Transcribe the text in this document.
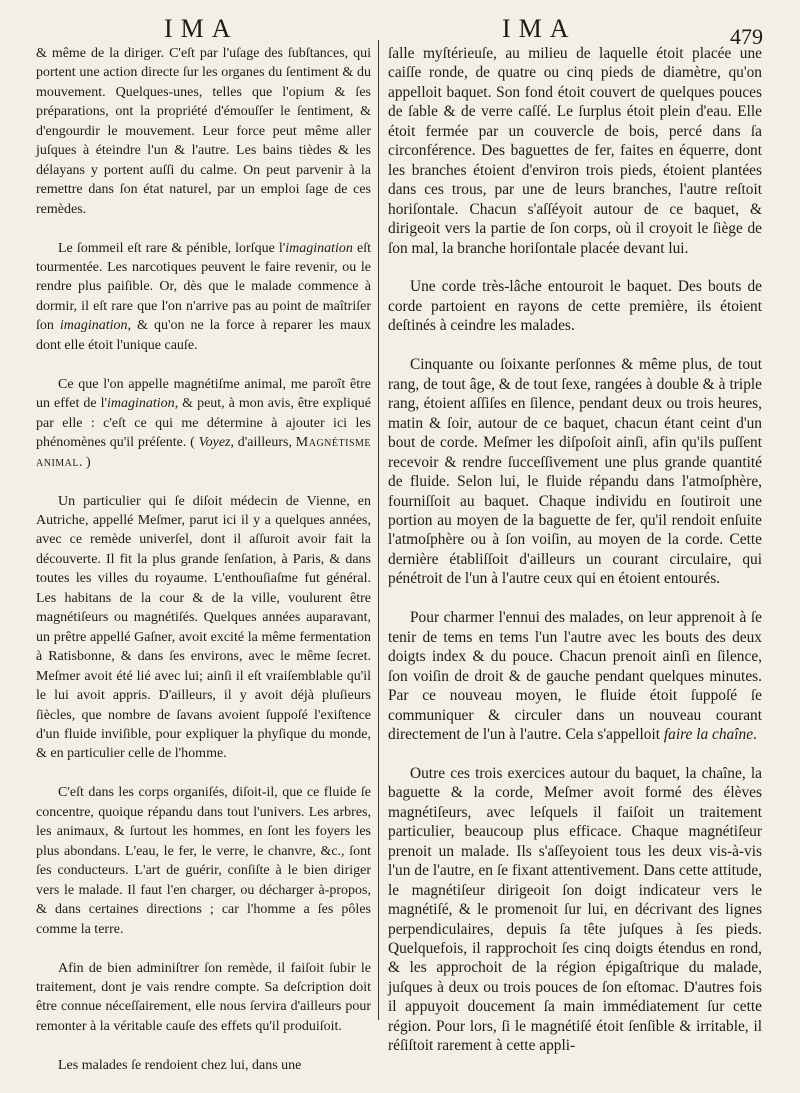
IMA	IMA	479

& même de la diriger. C'eſt par l'uſage des ſubſtances, qui portent une action directe ſur les organes du ſentiment & du mouvement. Quelques-unes, telles que l'opium & ſes préparations, ont la propriété d'émouſſer le ſentiment, & d'engourdir le mouvement. Leur force peut même aller juſques à éteindre l'un & l'autre. Les bains tièdes & les délayans y portent auſſi du calme. On peut parvenir à la remettre dans ſon état naturel, par un emploi ſage de ces remèdes.

Le ſommeil eſt rare & pénible, lorſque l'imagination eſt tourmentée. Les narcotiques peuvent le faire revenir, ou le rendre plus paiſible. Or, dès que le malade commence à dormir, il eſt rare que l'on n'arrive pas au point de maîtriſer ſon imagination, & qu'on ne la force à reparer les maux dont elle étoit l'unique cauſe.

Ce que l'on appelle magnétiſme animal, me paroît être un effet de l'imagination, & peut, à mon avis, être expliqué par elle : c'eſt ce qui me détermine à ajouter ici les phénomènes qu'il préſente. ( Voyez, d'ailleurs, Magnétisme animal. )

Un particulier qui ſe diſoit médecin de Vienne, en Autriche, appellé Meſmer, parut ici il y a quelques années, avec ce remède univerſel, dont il aſſuroit avoir fait la découverte. Il fit la plus grande ſenſation, à Paris, & dans toutes les villes du royaume. L'enthouſiaſme fut général. Les habitans de la cour & de la ville, voulurent être magnétiſeurs ou magnétiſés. Quelques années auparavant, un prêtre appellé Gaſner, avoit excité la même fermentation à Ratisbonne, & dans ſes environs, avec le même ſecret. Meſmer avoit été lié avec lui; ainſi il eſt vraiſemblable qu'il le lui avoit appris. D'ailleurs, il y avoit déjà pluſieurs ſiècles, que nombre de ſavans avoient ſuppoſé l'exiſtence d'un fluide inviſible, pour expliquer la phyſique du monde, & en particulier celle de l'homme.

C'eſt dans les corps organiſés, diſoit-il, que ce fluide ſe concentre, quoique répandu dans tout l'univers. Les arbres, les animaux, & ſurtout les hommes, en ſont les foyers les plus abondans. L'eau, le fer, le verre, le chanvre, &c., ſont ſes conducteurs. L'art de guérir, conſiſte à le bien diriger vers le malade. Il faut l'en charger, ou décharger à-propos, & dans certaines directions ; car l'homme a ſes pôles comme la terre.

Afin de bien adminiſtrer ſon remède, il faiſoit ſubir le traitement, dont je vais rendre compte. Sa deſcription doit être connue néceſſairement, elle nous ſervira d'ailleurs pour remonter à la véritable cauſe des effets qu'il produiſoit.

Les malades ſe rendoient chez lui, dans une

ſalle myſtérieuſe, au milieu de laquelle étoit placée une caiſſe ronde, de quatre ou cinq pieds de diamètre, qu'on appelloit baquet. Son fond étoit couvert de quelques pouces de ſable & de verre caſſé. Le ſurplus étoit plein d'eau. Elle étoit fermée par un couvercle de bois, percé dans ſa circonférence. Des baguettes de fer, faites en équerre, dont les branches étoient d'environ trois pieds, étoient plantées dans ces trous, par une de leurs branches, l'autre reſtoit horiſontale. Chacun s'aſſéyoit autour de ce baquet, & dirigeoit vers la partie de ſon corps, où il croyoit le ſiège de ſon mal, la branche horiſontale placée devant lui.

Une corde très-lâche entouroit le baquet. Des bouts de corde partoient en rayons de cette première, ils étoient deſtinés à ceindre les malades.

Cinquante ou ſoixante perſonnes & même plus, de tout rang, de tout âge, & de tout ſexe, rangées à double & à triple rang, étoient aſſiſes en ſilence, pendant deux ou trois heures, matin & ſoir, autour de ce baquet, chacun étant ceint d'un bout de corde. Meſmer les diſpoſoit ainſi, afin qu'ils puſſent recevoir & rendre ſucceſſivement une plus grande quantité de fluide. Selon lui, le fluide répandu dans l'atmoſphère, fourniſſoit au baquet. Chaque individu en ſoutiroit une portion au moyen de la baguette de fer, qu'il rendoit enſuite l'atmoſphère ou à ſon voiſin, au moyen de la corde. Cette dernière établiſſoit d'ailleurs un courant circulaire, qui pénétroit de l'un à l'autre ceux qui en étoient entourés.

Pour charmer l'ennui des malades, on leur apprenoit à ſe tenir de tems en tems l'un l'autre avec les bouts des deux doigts index & du pouce. Chacun prenoit ainſi en ſilence, ſon voiſin de droit & de gauche pendant quelques minutes. Par ce nouveau moyen, le fluide étoit ſuppoſé ſe communiquer & circuler dans un nouveau courant directement de l'un à l'autre. Cela s'appelloit faire la chaîne.

Outre ces trois exercices autour du baquet, la chaîne, la baguette & la corde, Meſmer avoit formé des élèves magnétiſeurs, avec leſquels il faiſoit un traitement particulier, beaucoup plus efficace. Chaque magnétiſeur prenoit un malade. Ils s'aſſeyoient tous les deux vis-à-vis l'un de l'autre, en ſe fixant attentivement. Dans cette attitude, le magnétiſeur dirigeoit ſon doigt indicateur vers le magnétiſé, & le promenoit ſur lui, en décrivant des lignes perpendiculaires, depuis ſa tête juſques à ſes pieds. Quelquefois, il rapprochoit ſes cinq doigts étendus en rond, & les approchoit de la région épigaſtrique du malade, juſques à deux ou trois pouces de ſon eſtomac. D'autres fois il appuyoit doucement ſa main immédiatement ſur cette région. Pour lors, ſi le magnétiſé étoit ſenſible & irritable, il réſiſtoit rarement à cette appli-
